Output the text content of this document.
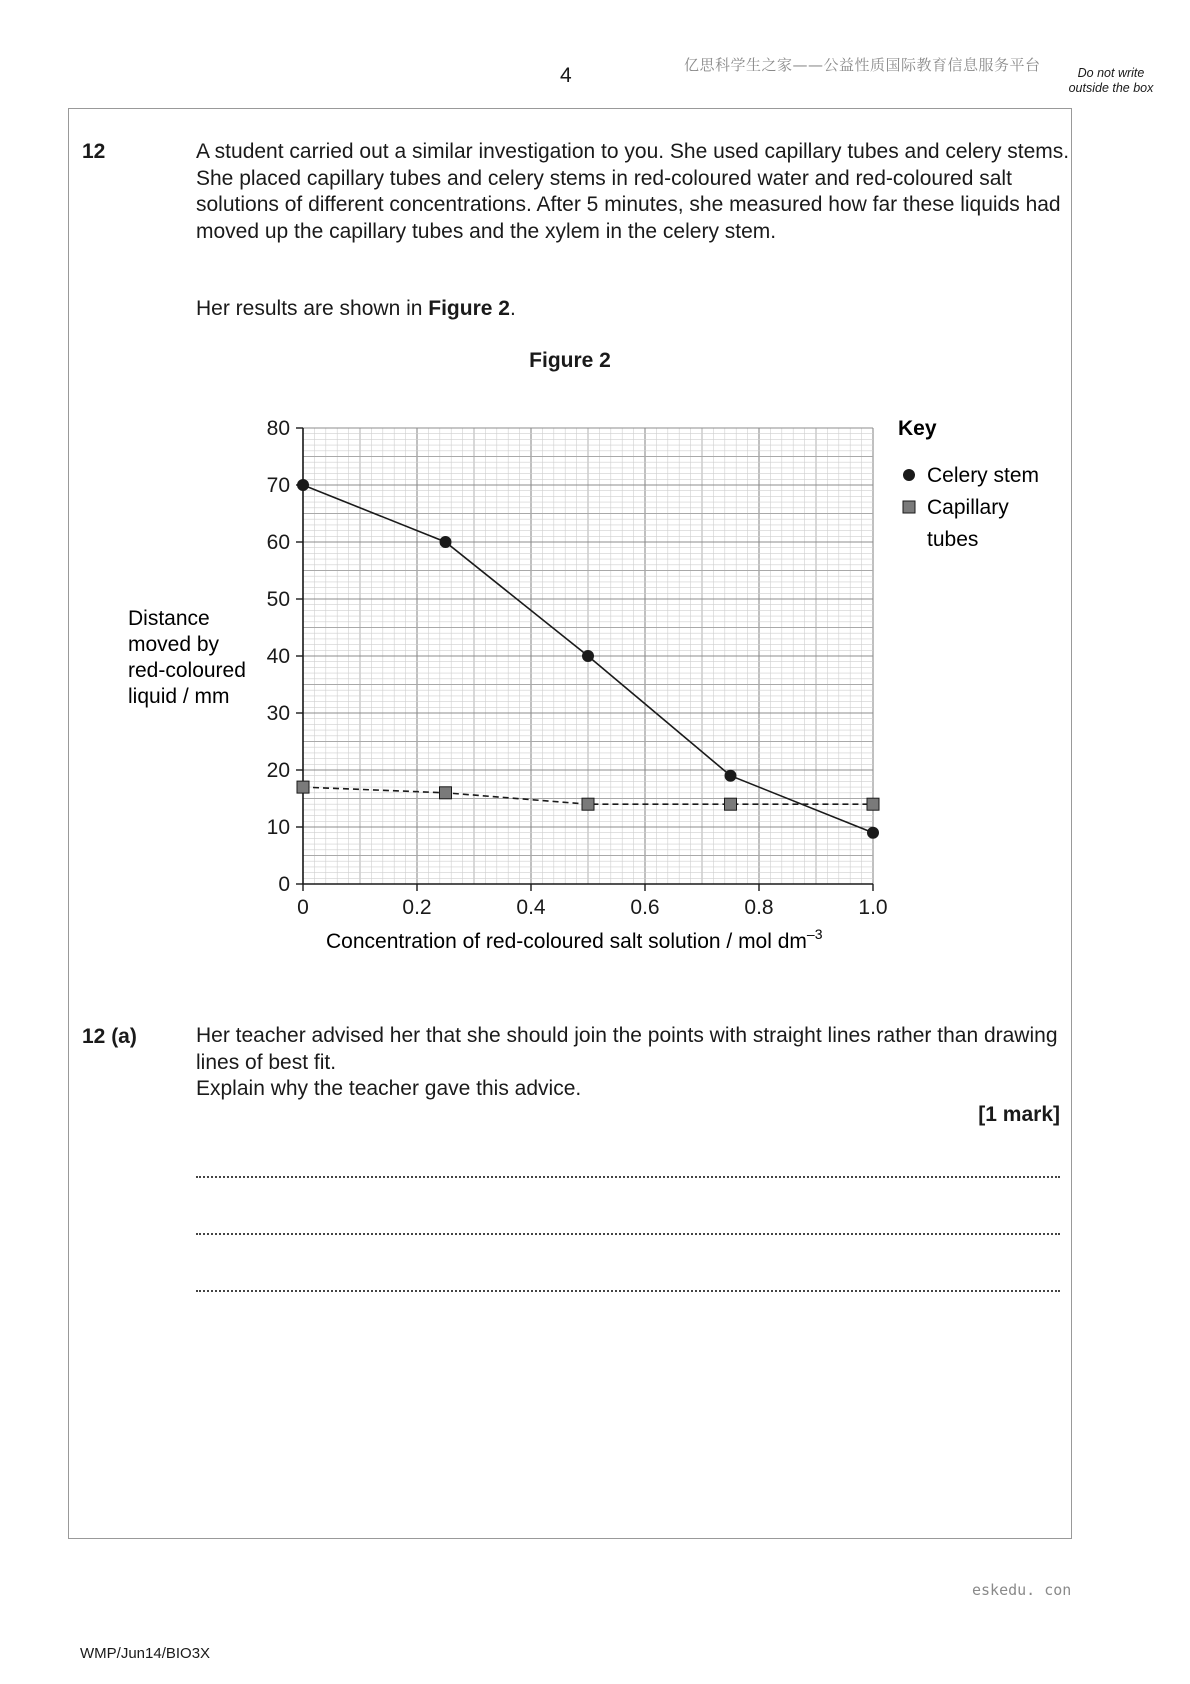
4	亿思科学生之家——公益性质国际教育信息服务平台	Do not write outside the box
12	A student carried out a similar investigation to you. She used capillary tubes and celery stems. She placed capillary tubes and celery stems in red-coloured water and red-coloured salt solutions of different concentrations. After 5 minutes, she measured how far these liquids had moved up the capillary tubes and the xylem in the celery stem.
Her results are shown in Figure 2.
Figure 2
0
10
20
30
40
50
60
70
80
0	0.2	0.4	0.6	0.8	1.0
Distance
moved by
red-coloured
liquid / mm
Concentration of red-coloured salt solution / mol $dm^{-3}$
Key
Celery stem
Capillary
tubes
12 (a)	Her teacher advised her that she should join the points with straight lines rather than drawing lines of best fit.
Explain why the teacher gave this advice.
[1 mark]
eskedu. con
WMP/Jun14/BIO3X
